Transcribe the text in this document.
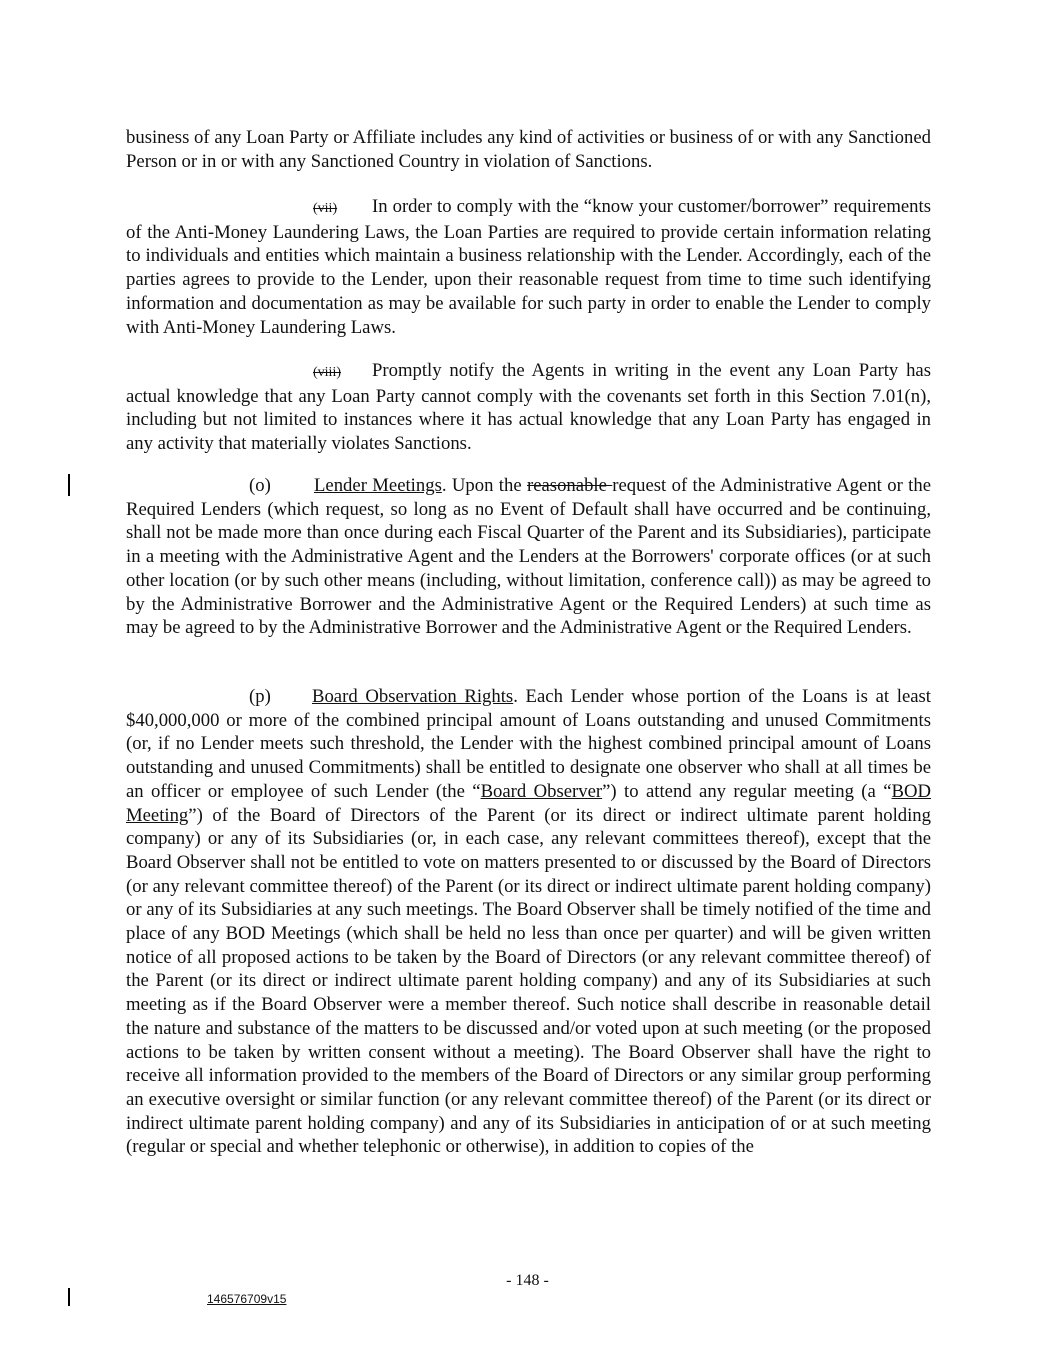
business of any Loan Party or Affiliate includes any kind of activities or business of or with any Sanctioned Person or in or with any Sanctioned Country in violation of Sanctions.

(vii) In order to comply with the “know your customer/borrower” requirements of the Anti-Money Laundering Laws, the Loan Parties are required to provide certain information relating to individuals and entities which maintain a business relationship with the Lender. Accordingly, each of the parties agrees to provide to the Lender, upon their reasonable request from time to time such identifying information and documentation as may be available for such party in order to enable the Lender to comply with Anti-Money Laundering Laws.

(viii) Promptly notify the Agents in writing in the event any Loan Party has actual knowledge that any Loan Party cannot comply with the covenants set forth in this Section 7.01(n), including but not limited to instances where it has actual knowledge that any Loan Party has engaged in any activity that materially violates Sanctions.

(o) Lender Meetings. Upon the reasonable request of the Administrative Agent or the Required Lenders (which request, so long as no Event of Default shall have occurred and be continuing, shall not be made more than once during each Fiscal Quarter of the Parent and its Subsidiaries), participate in a meeting with the Administrative Agent and the Lenders at the Borrowers' corporate offices (or at such other location (or by such other means (including, without limitation, conference call)) as may be agreed to by the Administrative Borrower and the Administrative Agent or the Required Lenders) at such time as may be agreed to by the Administrative Borrower and the Administrative Agent or the Required Lenders.

(p) Board Observation Rights. Each Lender whose portion of the Loans is at least $40,000,000 or more of the combined principal amount of Loans outstanding and unused Commitments (or, if no Lender meets such threshold, the Lender with the highest combined principal amount of Loans outstanding and unused Commitments) shall be entitled to designate one observer who shall at all times be an officer or employee of such Lender (the “Board Observer”) to attend any regular meeting (a “BOD Meeting”) of the Board of Directors of the Parent (or its direct or indirect ultimate parent holding company) or any of its Subsidiaries (or, in each case, any relevant committees thereof), except that the Board Observer shall not be entitled to vote on matters presented to or discussed by the Board of Directors (or any relevant committee thereof) of the Parent (or its direct or indirect ultimate parent holding company) or any of its Subsidiaries at any such meetings. The Board Observer shall be timely notified of the time and place of any BOD Meetings (which shall be held no less than once per quarter) and will be given written notice of all proposed actions to be taken by the Board of Directors (or any relevant committee thereof) of the Parent (or its direct or indirect ultimate parent holding company) and any of its Subsidiaries at such meeting as if the Board Observer were a member thereof. Such notice shall describe in reasonable detail the nature and substance of the matters to be discussed and/or voted upon at such meeting (or the proposed actions to be taken by written consent without a meeting). The Board Observer shall have the right to receive all information provided to the members of the Board of Directors or any similar group performing an executive oversight or similar function (or any relevant committee thereof) of the Parent (or its direct or indirect ultimate parent holding company) and any of its Subsidiaries in anticipation of or at such meeting (regular or special and whether telephonic or otherwise), in addition to copies of the

- 148 -
146576709v15
